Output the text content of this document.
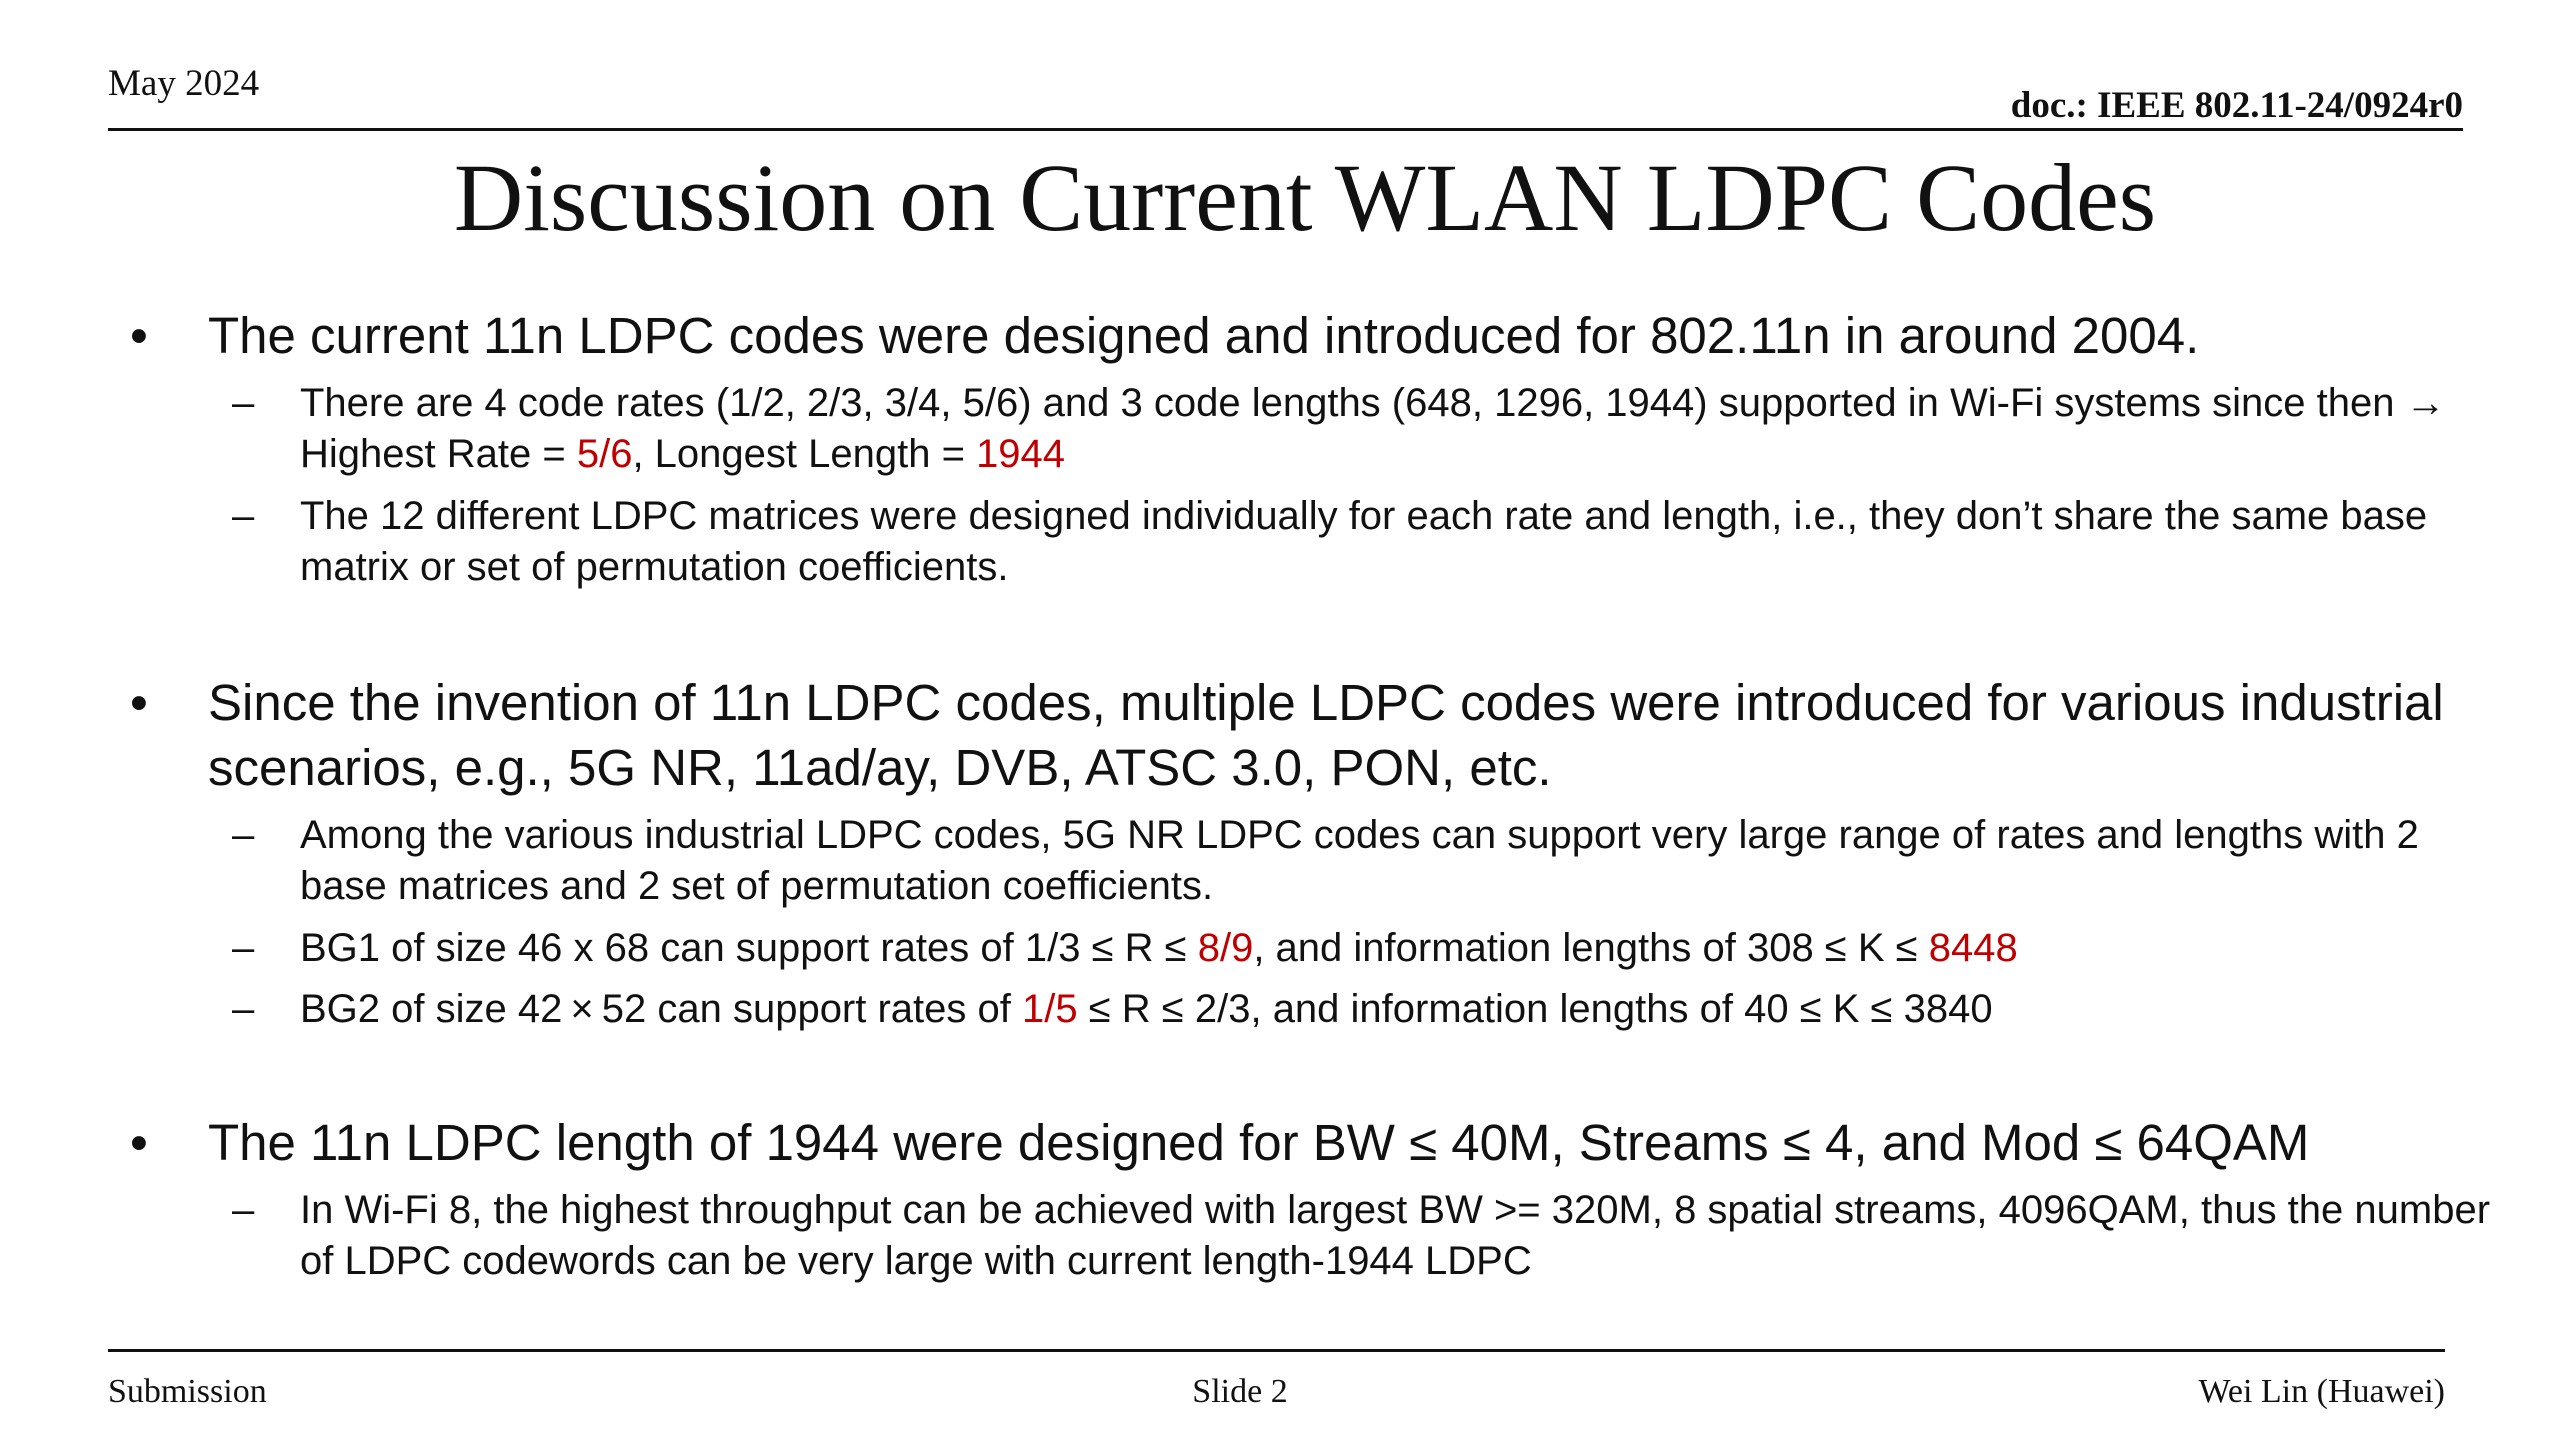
May 2024
doc.: IEEE 802.11-24/0924r0
Discussion on Current WLAN LDPC Codes
• The current 11n LDPC codes were designed and introduced for 802.11n in around 2004.
– There are 4 code rates (1/2, 2/3, 3/4, 5/6) and 3 code lengths (648, 1296, 1944) supported in Wi-Fi systems since then → Highest Rate = 5/6, Longest Length = 1944
– The 12 different LDPC matrices were designed individually for each rate and length, i.e., they don’t share the same base matrix or set of permutation coefficients.
• Since the invention of 11n LDPC codes, multiple LDPC codes were introduced for various industrial scenarios, e.g., 5G NR, 11ad/ay, DVB, ATSC 3.0, PON, etc.
– Among the various industrial LDPC codes, 5G NR LDPC codes can support very large range of rates and lengths with 2 base matrices and 2 set of permutation coefficients.
– BG1 of size 46 x 68 can support rates of 1/3 ≤ R ≤ 8/9, and information lengths of 308 ≤ K ≤ 8448
– BG2 of size 42 × 52 can support rates of 1/5 ≤ R ≤ 2/3, and information lengths of 40 ≤ K ≤ 3840
• The 11n LDPC length of 1944 were designed for BW ≤ 40M, Streams ≤ 4, and Mod ≤ 64QAM
– In Wi-Fi 8, the highest throughput can be achieved with largest BW >= 320M, 8 spatial streams, 4096QAM, thus the number of LDPC codewords can be very large with current length-1944 LDPC
Submission	Slide 2	Wei Lin (Huawei)
